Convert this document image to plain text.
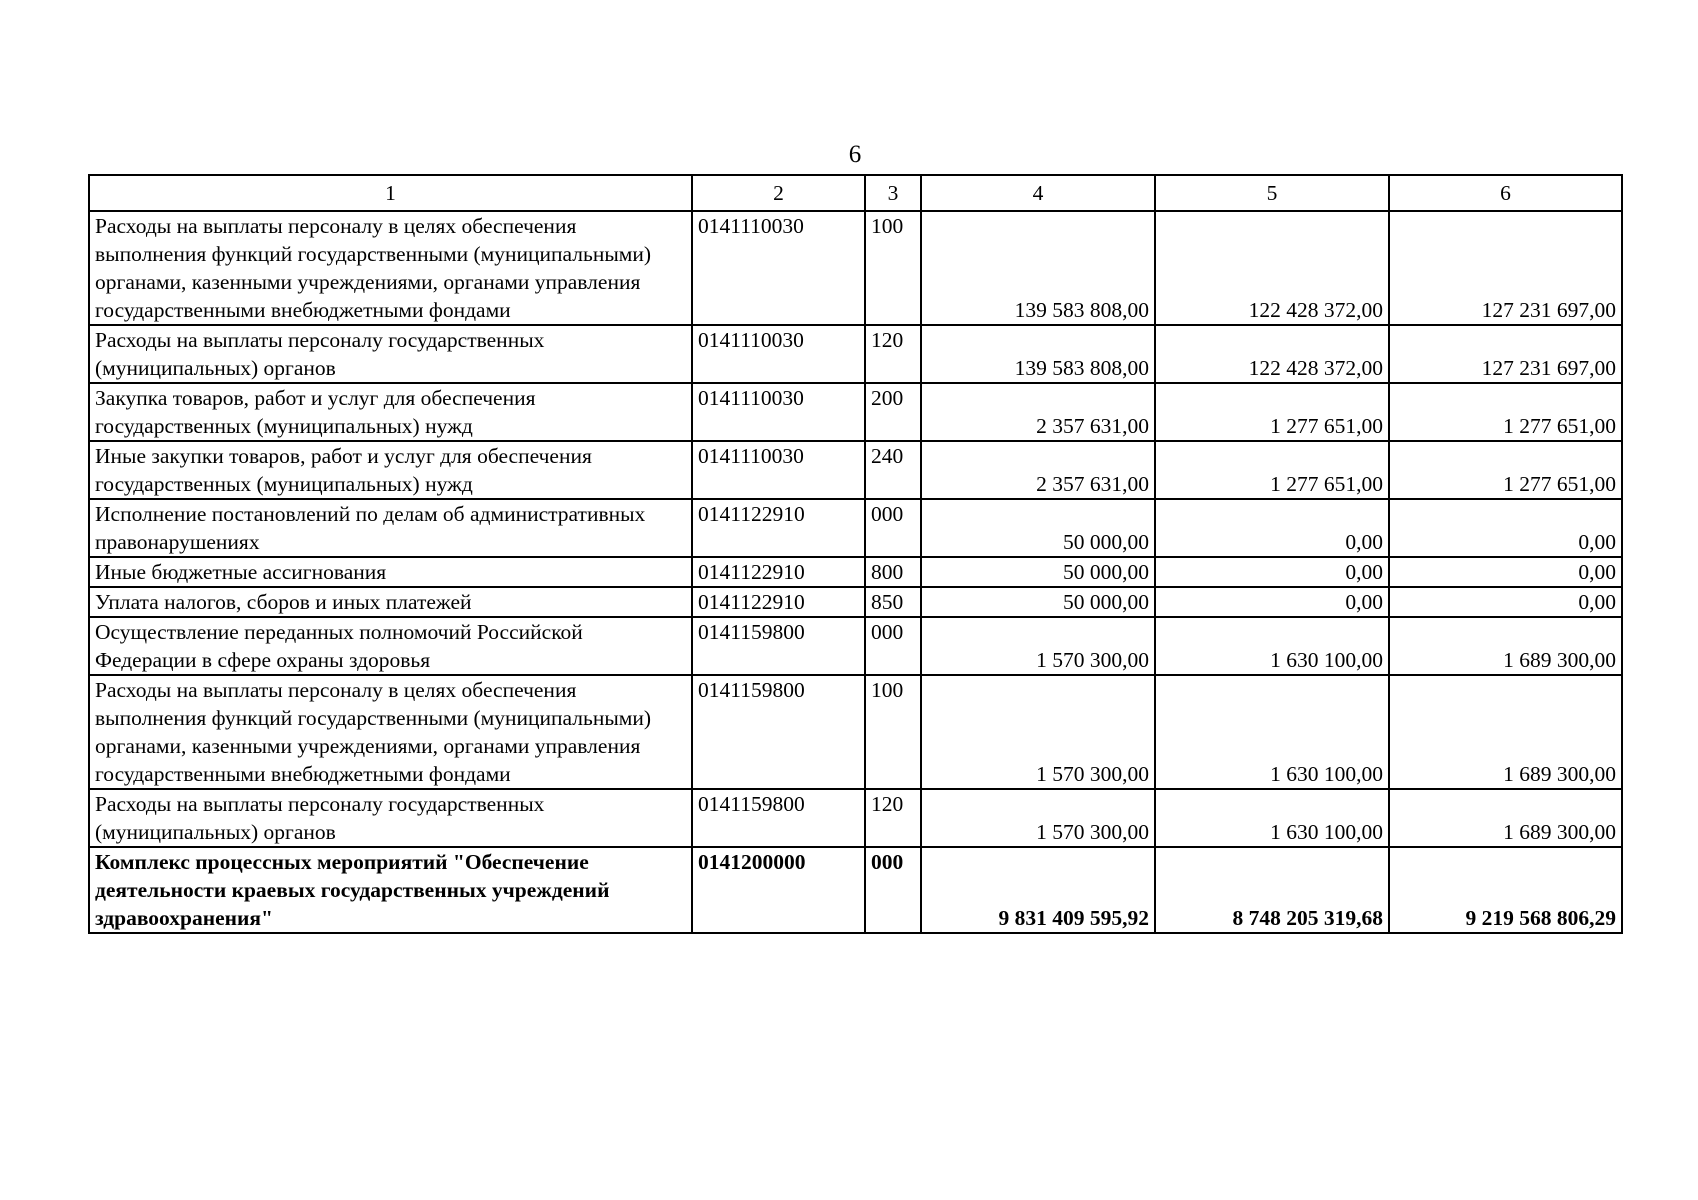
6
1	2	3	4	5	6
Расходы на выплаты персоналу в целях обеспечения выполнения функций государственными (муниципальными) органами, казенными учреждениями, органами управления государственными внебюджетными фондами	0141110030	100	139 583 808,00	122 428 372,00	127 231 697,00
Расходы на выплаты персоналу государственных (муниципальных) органов	0141110030	120	139 583 808,00	122 428 372,00	127 231 697,00
Закупка товаров, работ и услуг для обеспечения государственных (муниципальных) нужд	0141110030	200	2 357 631,00	1 277 651,00	1 277 651,00
Иные закупки товаров, работ и услуг для обеспечения государственных (муниципальных) нужд	0141110030	240	2 357 631,00	1 277 651,00	1 277 651,00
Исполнение постановлений по делам об административных правонарушениях	0141122910	000	50 000,00	0,00	0,00
Иные бюджетные ассигнования	0141122910	800	50 000,00	0,00	0,00
Уплата налогов, сборов и иных платежей	0141122910	850	50 000,00	0,00	0,00
Осуществление переданных полномочий Российской Федерации в сфере охраны здоровья	0141159800	000	1 570 300,00	1 630 100,00	1 689 300,00
Расходы на выплаты персоналу в целях обеспечения выполнения функций государственными (муниципальными) органами, казенными учреждениями, органами управления государственными внебюджетными фондами	0141159800	100	1 570 300,00	1 630 100,00	1 689 300,00
Расходы на выплаты персоналу государственных (муниципальных) органов	0141159800	120	1 570 300,00	1 630 100,00	1 689 300,00
Комплекс процессных мероприятий "Обеспечение деятельности краевых государственных учреждений здравоохранения"	0141200000	000	9 831 409 595,92	8 748 205 319,68	9 219 568 806,29
